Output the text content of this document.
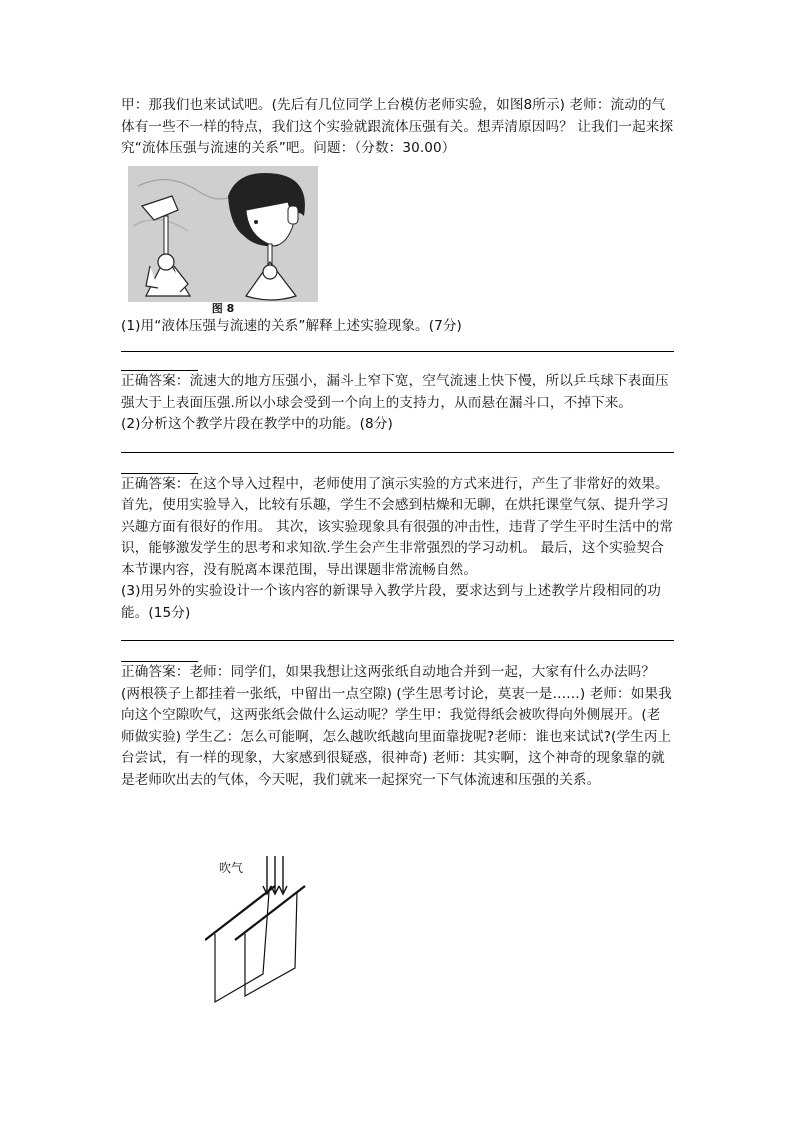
甲：那我们也来试试吧。(先后有几位同学上台模仿老师实验，如图8所示) 老师：流动的气体有一些不一样的特点，我们这个实验就跟流体压强有关。想弄清原因吗？ 让我们一起来探究“流体压强与流速的关系”吧。问题：（分数：30.00）

图 8

(1)用“液体压强与流速的关系”解释上述实验现象。(7分)

正确答案：流速大的地方压强小，漏斗上窄下宽，空气流速上快下慢，所以乒乓球下表面压强大于上表面压强.所以小球会受到一个向上的支持力，从而悬在漏斗口，不掉下来。

(2)分析这个教学片段在教学中的功能。(8分)

正确答案：在这个导入过程中，老师使用了演示实验的方式来进行，产生了非常好的效果。 首先，使用实验导入，比较有乐趣，学生不会感到枯燥和无聊，在烘托课堂气氛、提升学习兴趣方面有很好的作用。 其次，该实验现象具有很强的冲击性，违背了学生平时生活中的常识，能够激发学生的思考和求知欲.学生会产生非常强烈的学习动机。 最后，这个实验契合本节课内容，没有脱离本课范围，导出课题非常流畅自然。

(3)用另外的实验设计一个该内容的新课导入教学片段，要求达到与上述教学片段相同的功能。(15分)

正确答案：老师：同学们，如果我想让这两张纸自动地合并到一起，大家有什么办法吗？(两根筷子上都挂着一张纸，中留出一点空隙) (学生思考讨论，莫衷一是……) 老师：如果我向这个空隙吹气，这两张纸会做什么运动呢？学生甲：我觉得纸会被吹得向外侧展开。(老师做实验) 学生乙：怎么可能啊，怎么越吹纸越向里面靠拢呢?老师：谁也来试试?(学生丙上台尝试，有一样的现象，大家感到很疑惑，很神奇) 老师：其实啊，这个神奇的现象靠的就是老师吹出去的气体，今天呢，我们就来一起探究一下气体流速和压强的关系。

吹气
